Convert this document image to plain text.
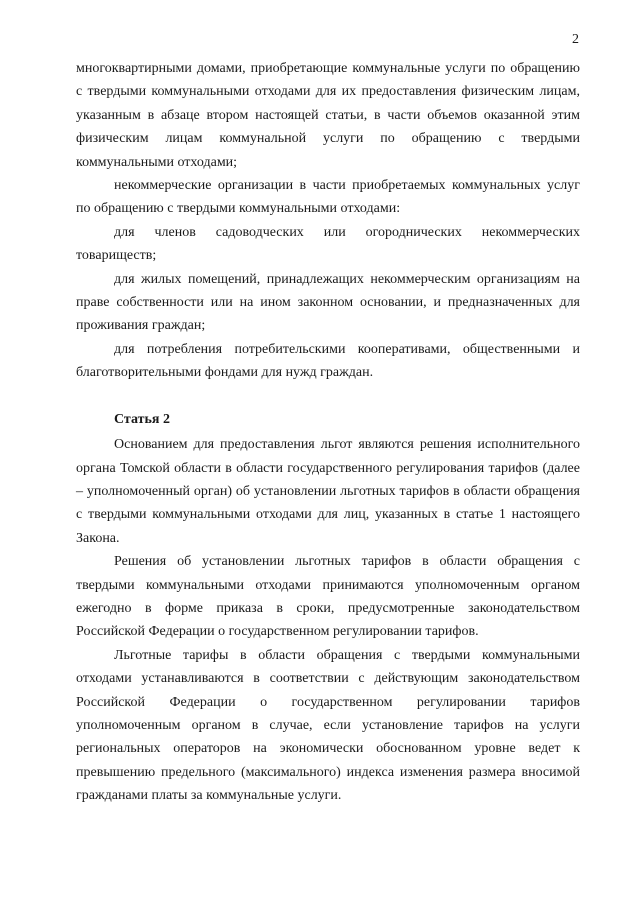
2

многоквартирными домами, приобретающие коммунальные услуги по обращению с твердыми коммунальными отходами для их предоставления физическим лицам, указанным в абзаце втором настоящей статьи, в части объемов оказанной этим физическим лицам коммунальной услуги по обращению с твердыми коммунальными отходами;

некоммерческие организации в части приобретаемых коммунальных услуг по обращению с твердыми коммунальными отходами:

для членов садоводческих или огороднических некоммерческих товариществ;

для жилых помещений, принадлежащих некоммерческим организациям на праве собственности или на ином законном основании, и предназначенных для проживания граждан;

для потребления потребительскими кооперативами, общественными и благотворительными фондами для нужд граждан.

Статья 2

Основанием для предоставления льгот являются решения исполнительного органа Томской области в области государственного регулирования тарифов (далее – уполномоченный орган) об установлении льготных тарифов в области обращения с твердыми коммунальными отходами для лиц, указанных в статье 1 настоящего Закона.

Решения об установлении льготных тарифов в области обращения с твердыми коммунальными отходами принимаются уполномоченным органом ежегодно в форме приказа в сроки, предусмотренные законодательством Российской Федерации о государственном регулировании тарифов.

Льготные тарифы в области обращения с твердыми коммунальными отходами устанавливаются в соответствии с действующим законодательством Российской Федерации о государственном регулировании тарифов уполномоченным органом в случае, если установление тарифов на услуги региональных операторов на экономически обоснованном уровне ведет к превышению предельного (максимального) индекса изменения размера вносимой гражданами платы за коммунальные услуги.
